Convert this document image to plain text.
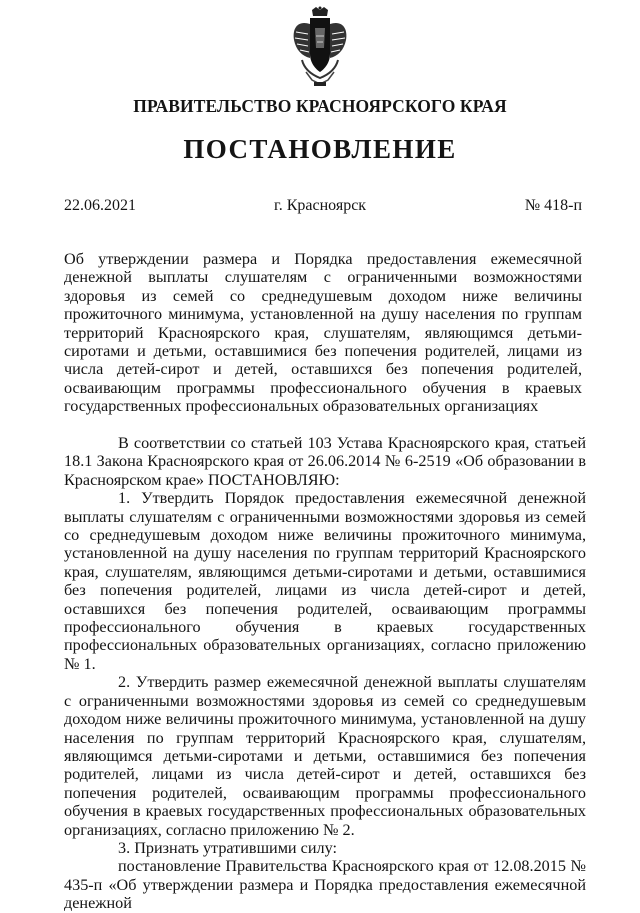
ПРАВИТЕЛЬСТВО КРАСНОЯРСКОГО КРАЯ
ПОСТАНОВЛЕНИЕ
22.06.2021	г. Красноярск	№ 418-п
Об утверждении размера и Порядка предоставления ежемесячной денежной выплаты слушателям с ограниченными возможностями здоровья из семей со среднедушевым доходом ниже величины прожиточного минимума, установленной на душу населения по группам территорий Красноярского края, слушателям, являющимся детьми-сиротами и детьми, оставшимися без попечения родителей, лицами из числа детей-сирот и детей, оставшихся без попечения родителей, осваивающим программы профессионального обучения в краевых государственных профессиональных образовательных организациях

В соответствии со статьей 103 Устава Красноярского края, статьей 18.1 Закона Красноярского края от 26.06.2014 № 6-2519 «Об образовании в Красноярском крае» ПОСТАНОВЛЯЮ:

1. Утвердить Порядок предоставления ежемесячной денежной выплаты слушателям с ограниченными возможностями здоровья из семей со среднедушевым доходом ниже величины прожиточного минимума, установленной на душу населения по группам территорий Красноярского края, слушателям, являющимся детьми-сиротами и детьми, оставшимися без попечения родителей, лицами из числа детей-сирот и детей, оставшихся без попечения родителей, осваивающим программы профессионального обучения в краевых государственных профессиональных образовательных организациях, согласно приложению № 1.

2. Утвердить размер ежемесячной денежной выплаты слушателям с ограниченными возможностями здоровья из семей со среднедушевым доходом ниже величины прожиточного минимума, установленной на душу населения по группам территорий Красноярского края, слушателям, являющимся детьми-сиротами и детьми, оставшимися без попечения родителей, лицами из числа детей-сирот и детей, оставшихся без попечения родителей, осваивающим программы профессионального обучения в краевых государственных профессиональных образовательных организациях, согласно приложению № 2.

3. Признать утратившими силу:

постановление Правительства Красноярского края от 12.08.2015 № 435-п «Об утверждении размера и Порядка предоставления ежемесячной денежной
